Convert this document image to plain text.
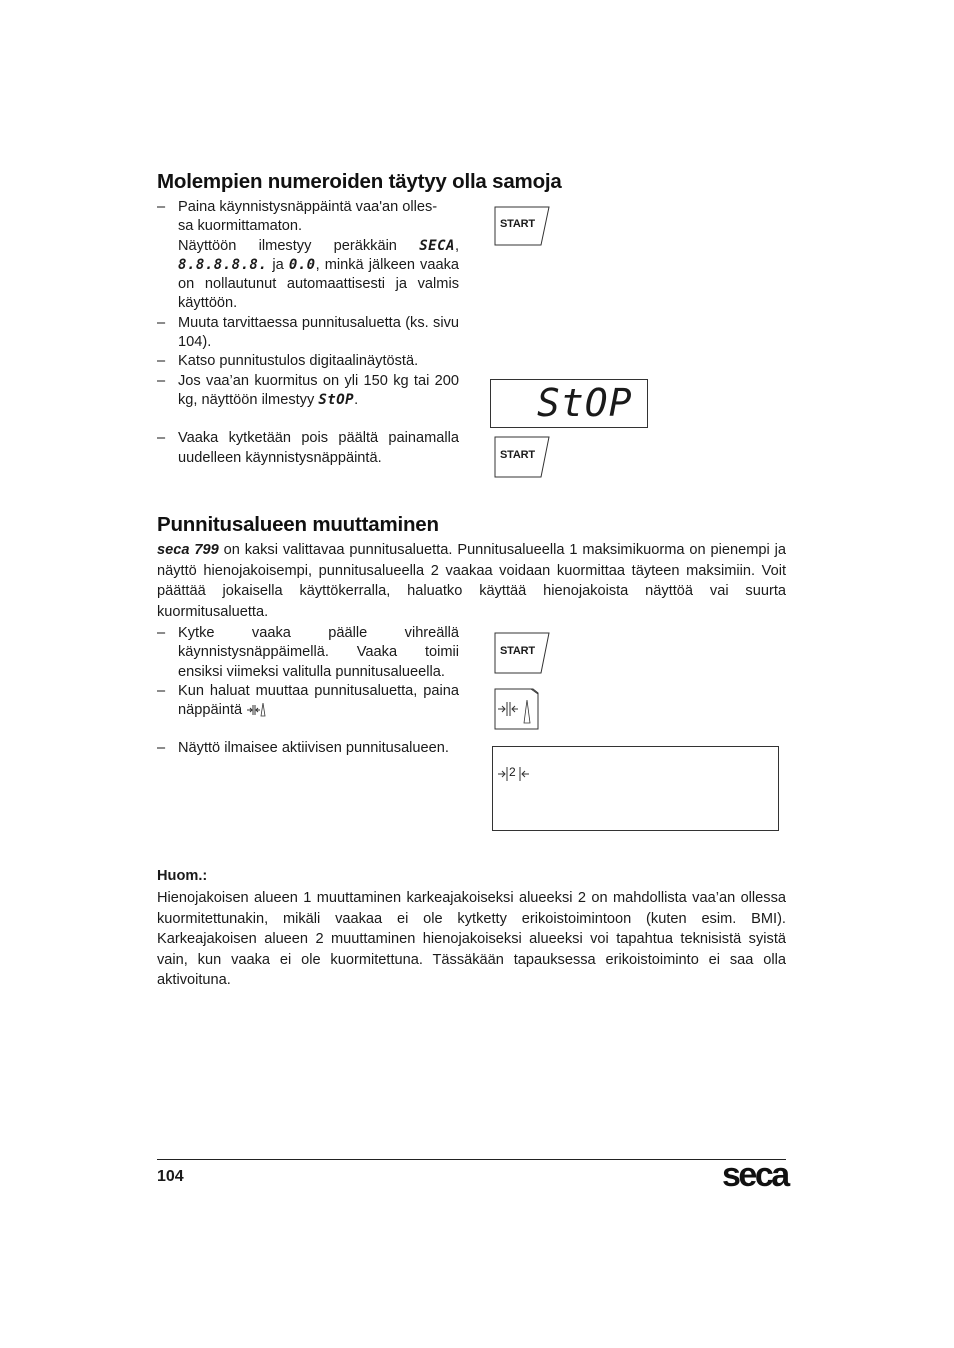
Molempien numeroiden täytyy olla samoja
– Paina käynnistysnäppäintä vaa'an olles-
sa kuormittamaton.
Näyttöön ilmestyy peräkkäin SECA, 8.8.8.8.8. ja 0.0, minkä jälkeen vaaka on nollautunut automaattisesti ja valmis käyttöön.
– Muuta tarvittaessa punnitusaluetta (ks. sivu 104).
– Katso punnitustulos digitaalinäytöstä.
– Jos vaa’an kuormitus on yli 150 kg tai 200 kg, näyttöön ilmestyy StOP.
– Vaaka kytketään pois päältä painamalla uudelleen käynnistysnäppäintä.
START
StOP
START
Punnitusalueen muuttaminen
seca 799 on kaksi valittavaa punnitusaluetta. Punnitusalueella 1 maksimikuorma on pienempi ja näyttö hienojakoisempi, punnitusalueella 2 vaakaa voidaan kuormittaa täyteen maksimiin. Voit päättää jokaisella käyttökerralla, haluatko käyttää hienojakoista näyttöä vai suurta kuormitusaluetta.
– Kytke vaaka päälle vihreällä käynnistysnäppäimellä. Vaaka toimii ensiksi viimeksi valitulla punnitusalueella.
– Kun haluat muuttaa punnitusaluetta, paina näppäintä
– Näyttö ilmaisee aktiivisen punnitusalueen.
START
2
Huom.:
Hienojakoisen alueen 1 muuttaminen karkeajakoiseksi alueeksi 2 on mahdollista vaa’an ollessa kuormitettunakin, mikäli vaakaa ei ole kytketty erikoistoimintoon (kuten esim. BMI). Karkeajakoisen alueen 2 muuttaminen hienojakoiseksi alueeksi voi tapahtua teknisistä syistä vain, kun vaaka ei ole kuormitettuna. Tässäkään tapauksessa erikoistoiminto ei saa olla aktivoituna.
104	seca
